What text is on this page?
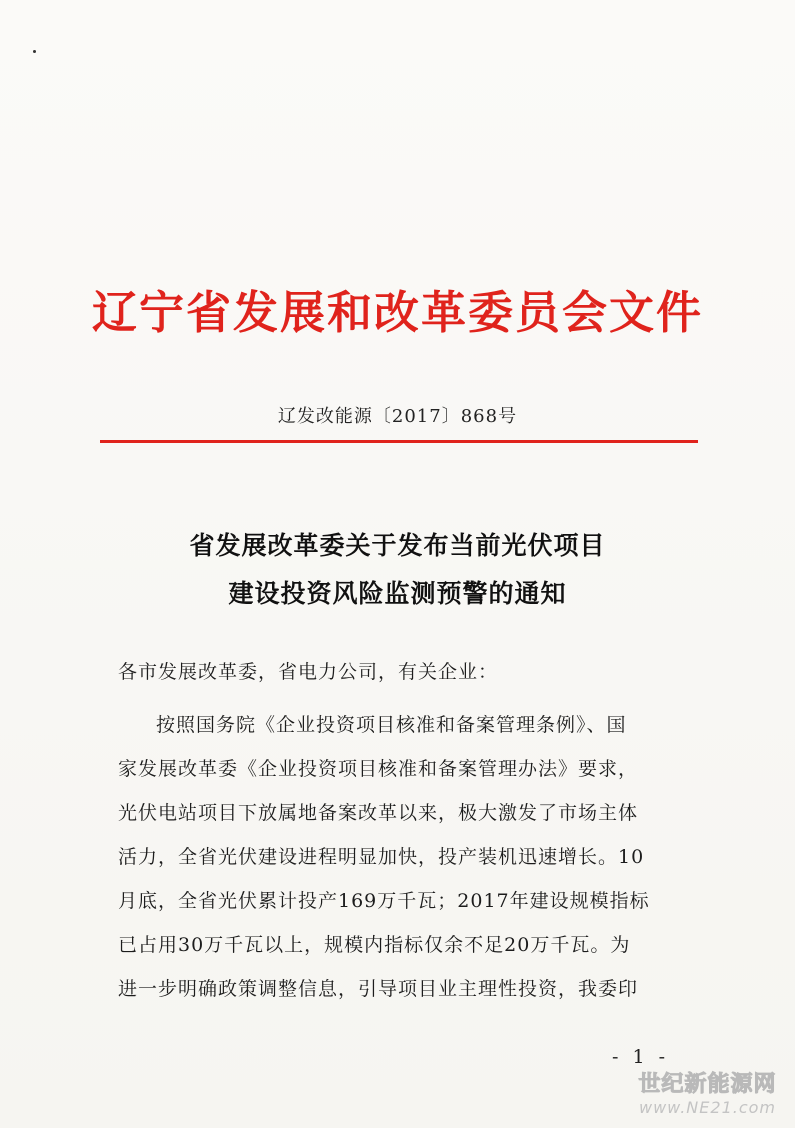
辽宁省发展和改革委员会文件
辽发改能源〔2017〕868号
省发展改革委关于发布当前光伏项目
建设投资风险监测预警的通知
各市发展改革委，省电力公司，有关企业：
按照国务院《企业投资项目核准和备案管理条例》、国
家发展改革委《企业投资项目核准和备案管理办法》要求，
光伏电站项目下放属地备案改革以来，极大激发了市场主体
活力，全省光伏建设进程明显加快，投产装机迅速增长。10
月底，全省光伏累计投产169万千瓦；2017年建设规模指标
已占用30万千瓦以上，规模内指标仅余不足20万千瓦。为
进一步明确政策调整信息，引导项目业主理性投资，我委印
- 1 -
世纪新能源网
www.NE21.com
